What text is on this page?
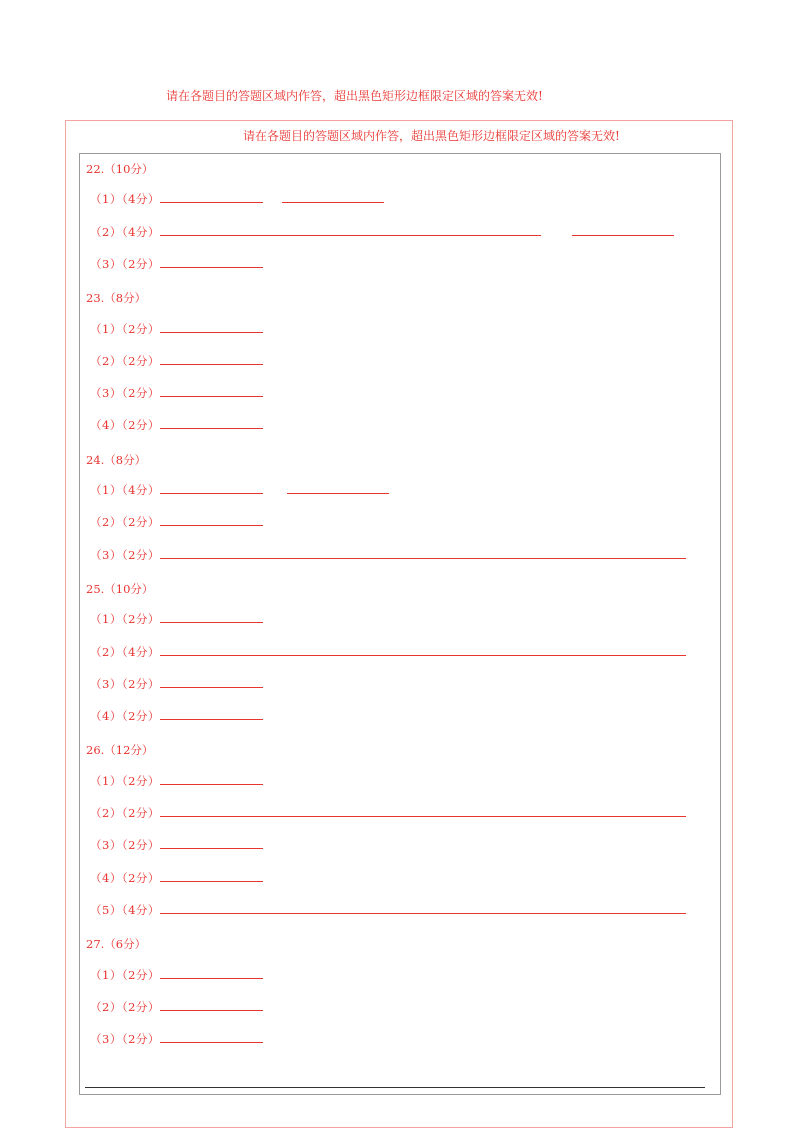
请在各题目的答题区域内作答，超出黑色矩形边框限定区域的答案无效!
请在各题目的答题区域内作答，超出黑色矩形边框限定区域的答案无效!
22.（10分）
（1）（4分）
（2）（4分）
（3）（2分）
23.（8分）
（1）（2分）
（2）（2分）
（3）（2分）
（4）（2分）
24.（8分）
（1）（4分）
（2）（2分）
（3）（2分）
25.（10分）
（1）（2分）
（2）（4分）
（3）（2分）
（4）（2分）
26.（12分）
（1）（2分）
（2）（2分）
（3）（2分）
（4）（2分）
（5）（4分）
27.（6分）
（1）（2分）
（2）（2分）
（3）（2分）
